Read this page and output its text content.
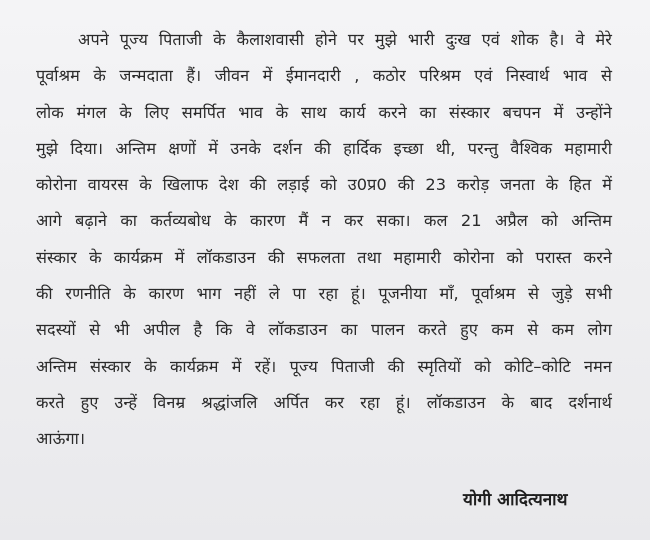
अपने पूज्य पिताजी के कैलाशवासी होने पर मुझे भारी दुःख एवं शोक है। वे मेरे
पूर्वाश्रम के जन्मदाता हैं। जीवन में ईमानदारी , कठोर परिश्रम एवं निस्वार्थ भाव से
लोक मंगल के लिए समर्पित भाव के साथ कार्य करने का संस्कार बचपन में उन्होंने
मुझे दिया। अन्तिम क्षणों में उनके दर्शन की हार्दिक इच्छा थी, परन्तु वैश्विक महामारी
कोरोना वायरस के खिलाफ देश की लड़ाई को उ0प्र0 की 23 करोड़ जनता के हित में
आगे बढ़ाने का कर्तव्यबोध के कारण मैं न कर सका। कल 21 अप्रैल को अन्तिम
संस्कार के कार्यक्रम में लॉकडाउन की सफलता तथा महामारी कोरोना को परास्त करने
की रणनीति के कारण भाग नहीं ले पा रहा हूं। पूजनीया माँ, पूर्वाश्रम से जुड़े सभी
सदस्यों से भी अपील है कि वे लॉकडाउन का पालन करते हुए कम से कम लोग
अन्तिम संस्कार के कार्यक्रम में रहें। पूज्य पिताजी की स्मृतियों को कोटि–कोटि नमन
करते हुए उन्हें विनम्र श्रद्धांजलि अर्पित कर रहा हूं। लॉकडाउन के बाद दर्शनार्थ
आऊंगा।
योगी आदित्यनाथ
